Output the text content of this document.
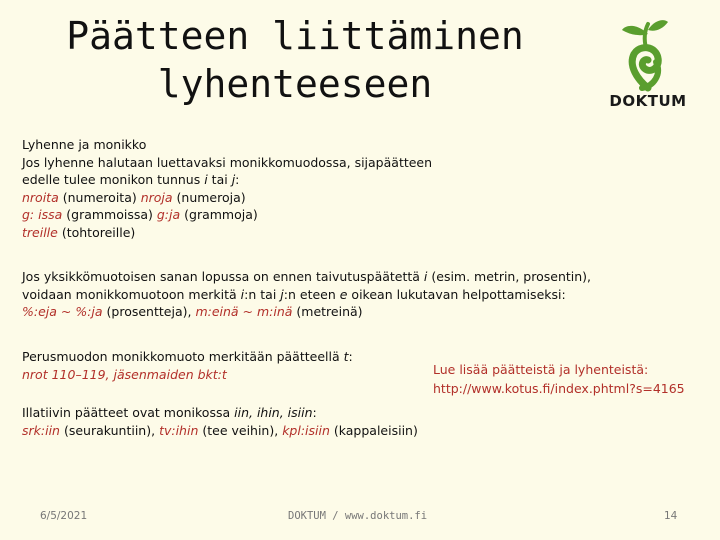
Päätteen liittäminen
lyhenteeseen	DOKTUM
Lyhenne ja monikko
Jos lyhenne halutaan luettavaksi monikkomuodossa, sijapäätteen
edelle tulee monikon tunnus i tai j:
nroita (numeroita) nroja (numeroja)
g: issa (grammoissa) g:ja (grammoja)
treille (tohtoreille)
Jos yksikkömuotoisen sanan lopussa on ennen taivutuspäätettä i (esim. metrin, prosentin),
voidaan monikkomuotoon merkitä i:n tai j:n eteen e oikean lukutavan helpottamiseksi:
%:eja ~ %:ja (prosentteja), m:einä ~ m:inä (metreinä)
Perusmuodon monikkomuoto merkitään päätteellä t:
nrot 110–119, jäsenmaiden bkt:t
Illatiivin päätteet ovat monikossa iin, ihin, isiin:
srk:iin (seurakuntiin), tv:ihin (tee veihin), kpl:isiin (kappaleisiin)
Lue lisää päätteistä ja lyhenteistä:
http://www.kotus.fi/index.phtml?s=4165
6/5/2021	DOKTUM / www.doktum.fi	14
